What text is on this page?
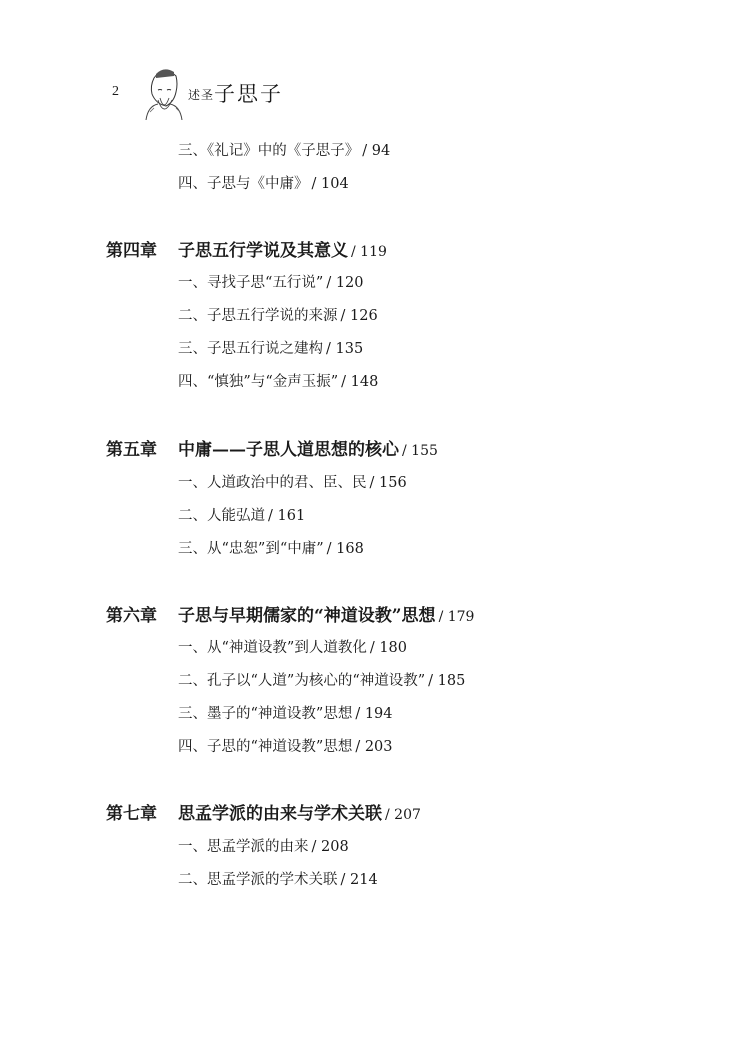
2	述圣 子思子
三、《礼记》中的《子思子》 / 94
四、子思与《中庸》 / 104
第四章 子思五行学说及其意义 / 119
一、寻找子思“五行说” / 120
二、子思五行学说的来源 / 126
三、子思五行说之建构 / 135
四、“慎独”与“金声玉振” / 148
第五章 中庸——子思人道思想的核心 / 155
一、人道政治中的君、臣、民 / 156
二、人能弘道 / 161
三、从“忠恕”到“中庸” / 168
第六章 子思与早期儒家的“神道设教”思想 / 179
一、从“神道设教”到人道教化 / 180
二、孔子以“人道”为核心的“神道设教” / 185
三、墨子的“神道设教”思想 / 194
四、子思的“神道设教”思想 / 203
第七章 思孟学派的由来与学术关联 / 207
一、思孟学派的由来 / 208
二、思孟学派的学术关联 / 214
